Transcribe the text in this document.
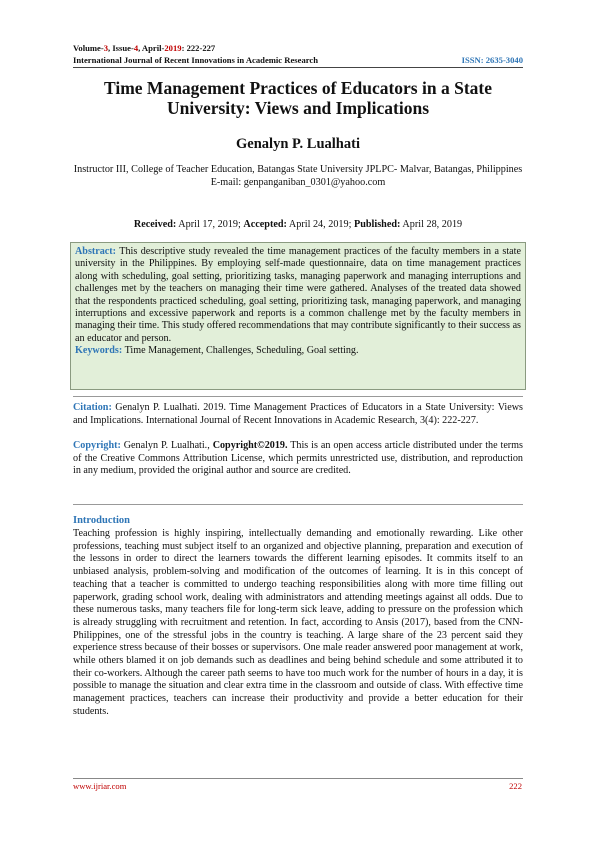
Volume-3, Issue-4, April-2019: 222-227
International Journal of Recent Innovations in Academic Research	ISSN: 2635-3040
Time Management Practices of Educators in a State University: Views and Implications
Genalyn P. Lualhati
Instructor III, College of Teacher Education, Batangas State University JPLPC- Malvar, Batangas, Philippines
E-mail: genpanganiban_0301@yahoo.com
Received: April 17, 2019; Accepted: April 24, 2019; Published: April 28, 2019
Abstract: This descriptive study revealed the time management practices of the faculty members in a state university in the Philippines. By employing self-made questionnaire, data on time management practices along with scheduling, goal setting, prioritizing tasks, managing paperwork and managing interruptions and challenges met by the teachers on managing their time were gathered. Analyses of the treated data showed that the respondents practiced scheduling, goal setting, prioritizing task, managing paperwork, and managing interruptions and excessive paperwork and reports is a common challenge met by the faculty members in managing their time. This study offered recommendations that may contribute significantly to their success as an educator and person.
Keywords: Time Management, Challenges, Scheduling, Goal setting.
Citation: Genalyn P. Lualhati. 2019. Time Management Practices of Educators in a State University: Views and Implications. International Journal of Recent Innovations in Academic Research, 3(4): 222-227.
Copyright: Genalyn P. Lualhati., Copyright©2019. This is an open access article distributed under the terms of the Creative Commons Attribution License, which permits unrestricted use, distribution, and reproduction in any medium, provided the original author and source are credited.
Introduction
Teaching profession is highly inspiring, intellectually demanding and emotionally rewarding. Like other professions, teaching must subject itself to an organized and objective planning, preparation and execution of the lessons in order to direct the learners towards the different learning episodes. It commits itself to an unbiased analysis, problem-solving and modification of the outcomes of learning. It is in this concept of teaching that a teacher is committed to undergo teaching responsibilities along with more time filling out paperwork, grading school work, dealing with administrators and attending meetings against all odds. Due to these numerous tasks, many teachers file for long-term sick leave, adding to pressure on the profession which is already struggling with recruitment and retention. In fact, according to Ansis (2017), based from the CNN-Philippines, one of the stressful jobs in the country is teaching. A large share of the 23 percent said they experience stress because of their bosses or supervisors. One male reader answered poor management at work, while others blamed it on job demands such as deadlines and being behind schedule and some attributed it to their co-workers. Although the career path seems to have too much work for the number of hours in a day, it is possible to manage the situation and clear extra time in the classroom and outside of class. With effective time management practices, teachers can increase their productivity and provide a better education for their students.
www.ijriar.com	222
